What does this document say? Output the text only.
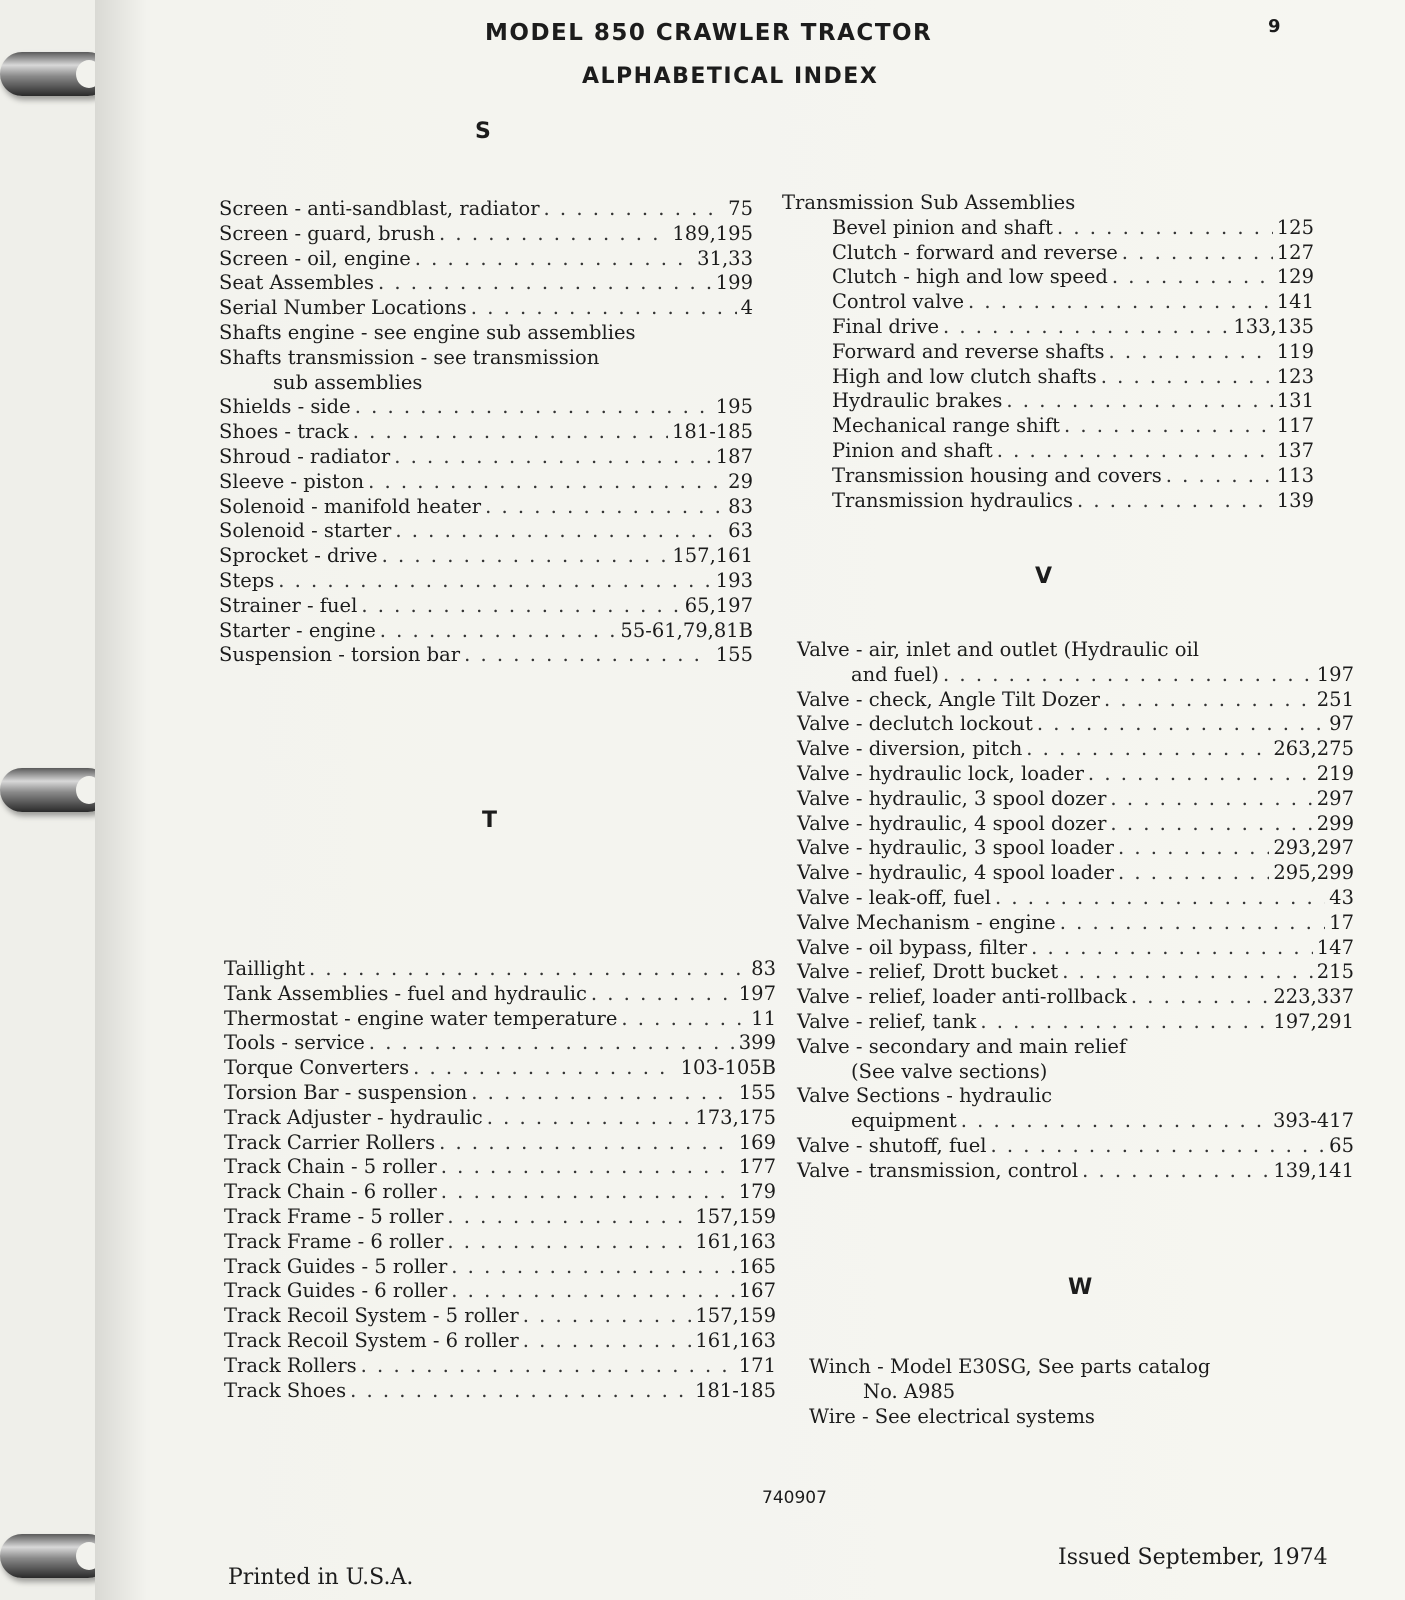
MODEL 850 CRAWLER TRACTOR	9
ALPHABETICAL INDEX
S
Screen - anti-sandblast, radiator . . .	75
Screen - guard, brush . . .	189,195
Screen - oil, engine . . .	31,33
Seat Assembles . . .	199
Serial Number Locations . . .	4
Shafts engine - see engine sub assemblies
Shafts transmission - see transmission
sub assemblies
Shields - side . . .	195
Shoes - track . . .	181-185
Shroud - radiator . . .	187
Sleeve - piston . . .	29
Solenoid - manifold heater . . .	83
Solenoid - starter . . .	63
Sprocket - drive . . .	157,161
Steps . . .	193
Strainer - fuel . . .	65,197
Starter - engine . . .	55-61,79,81B
Suspension - torsion bar . . .	155
Transmission Sub Assemblies
Bevel pinion and shaft . . .	125
Clutch - forward and reverse . . .	127
Clutch - high and low speed . . .	129
Control valve . . .	141
Final drive . . .	133,135
Forward and reverse shafts . . .	119
High and low clutch shafts . . .	123
Hydraulic brakes . . .	131
Mechanical range shift . . .	117
Pinion and shaft . . .	137
Transmission housing and covers . . .	113
Transmission hydraulics . . .	139
T
Taillight . . .	83
Tank Assemblies - fuel and hydraulic . . .	197
Thermostat - engine water temperature . . .	11
Tools - service . . .	399
Torque Converters . . .	103-105B
Torsion Bar - suspension . . .	155
Track Adjuster - hydraulic . . .	173,175
Track Carrier Rollers . . .	169
Track Chain - 5 roller . . .	177
Track Chain - 6 roller . . .	179
Track Frame - 5 roller . . .	157,159
Track Frame - 6 roller . . .	161,163
Track Guides - 5 roller . . .	165
Track Guides - 6 roller . . .	167
Track Recoil System - 5 roller . . .	157,159
Track Recoil System - 6 roller . . .	161,163
Track Rollers . . .	171
Track Shoes . . .	181-185
V
Valve - air, inlet and outlet (Hydraulic oil
and fuel) . . .	197
Valve - check, Angle Tilt Dozer . . .	251
Valve - declutch lockout . . .	97
Valve - diversion, pitch . . .	263,275
Valve - hydraulic lock, loader . . .	219
Valve - hydraulic, 3 spool dozer . . .	297
Valve - hydraulic, 4 spool dozer . . .	299
Valve - hydraulic, 3 spool loader . . .	293,297
Valve - hydraulic, 4 spool loader . . .	295,299
Valve - leak-off, fuel . . .	43
Valve Mechanism - engine . . .	17
Valve - oil bypass, filter . . .	147
Valve - relief, Drott bucket . . .	215
Valve - relief, loader anti-rollback . . .	223,337
Valve - relief, tank . . .	197,291
Valve - secondary and main relief
(See valve sections)
Valve Sections - hydraulic
equipment . . .	393-417
Valve - shutoff, fuel . . .	65
Valve - transmission, control . . .	139,141
W
Winch - Model E30SG, See parts catalog
No. A985
Wire - See electrical systems
740907
Printed in U.S.A.
Issued September, 1974
